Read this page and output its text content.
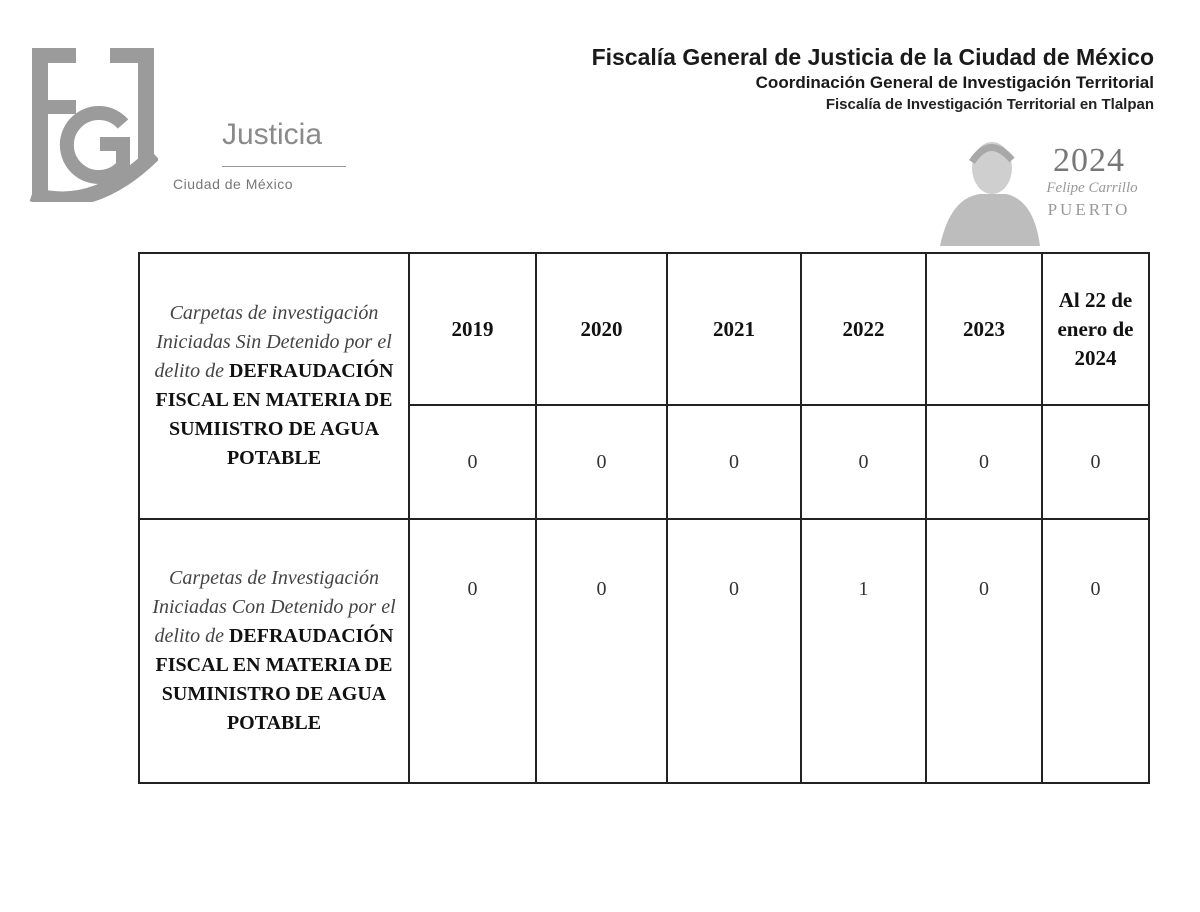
Justicia
Ciudad de México
Fiscalía General de Justicia de la Ciudad de México
Coordinación General de Investigación Territorial
Fiscalía de Investigación Territorial en Tlalpan
2024
Felipe Carrillo
PUERTO
Carpetas de investigación Iniciadas Sin Detenido por el delito de DEFRAUDACIÓN FISCAL EN MATERIA DE SUMIISTRO DE AGUA POTABLE	2019	2020	2021	2022	2023	Al 22 de enero de 2024
	0	0	0	0	0	0
Carpetas de Investigación Iniciadas Con Detenido por el delito de DEFRAUDACIÓN FISCAL EN MATERIA DE SUMINISTRO DE AGUA POTABLE	0	0	0	1	0	0
